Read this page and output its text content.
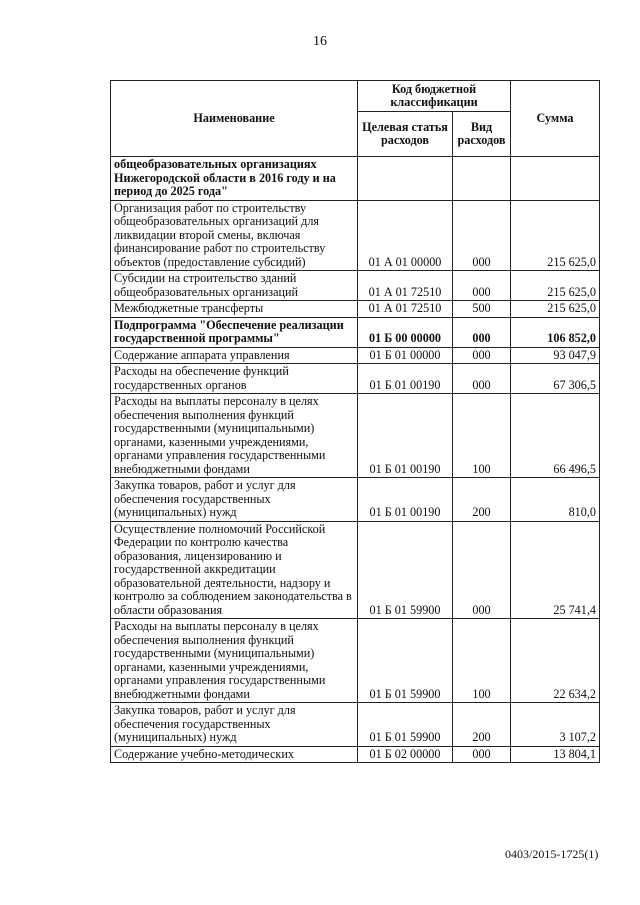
16
Наименование	Код бюджетной классификации		Сумма
	Целевая статья расходов	Вид расходов	
общеобразовательных организациях Нижегородской области в 2016 году и на период до 2025 года"			
Организация работ по строительству общеобразовательных организаций для ликвидации второй смены, включая финансирование работ по строительству объектов (предоставление субсидий)	01 А 01 00000	000	215 625,0
Субсидии на строительство зданий общеобразовательных организаций	01 А 01 72510	000	215 625,0
Межбюджетные трансферты	01 А 01 72510	500	215 625,0
Подпрограмма "Обеспечение реализации государственной программы"	01 Б 00 00000	000	106 852,0
Содержание аппарата управления	01 Б 01 00000	000	93 047,9
Расходы на обеспечение функций государственных органов	01 Б 01 00190	000	67 306,5
Расходы на выплаты персоналу в целях обеспечения выполнения функций государственными (муниципальными) органами, казенными учреждениями, органами управления государственными внебюджетными фондами	01 Б 01 00190	100	66 496,5
Закупка товаров, работ и услуг для обеспечения государственных (муниципальных) нужд	01 Б 01 00190	200	810,0
Осуществление полномочий Российской Федерации по контролю качества образования, лицензированию и государственной аккредитации образовательной деятельности, надзору и контролю за соблюдением законодательства в области образования	01 Б 01 59900	000	25 741,4
Расходы на выплаты персоналу в целях обеспечения выполнения функций государственными (муниципальными) органами, казенными учреждениями, органами управления государственными внебюджетными фондами	01 Б 01 59900	100	22 634,2
Закупка товаров, работ и услуг для обеспечения государственных (муниципальных) нужд	01 Б 01 59900	200	3 107,2
Содержание учебно-методических	01 Б 02 00000	000	13 804,1
0403/2015-1725(1)
